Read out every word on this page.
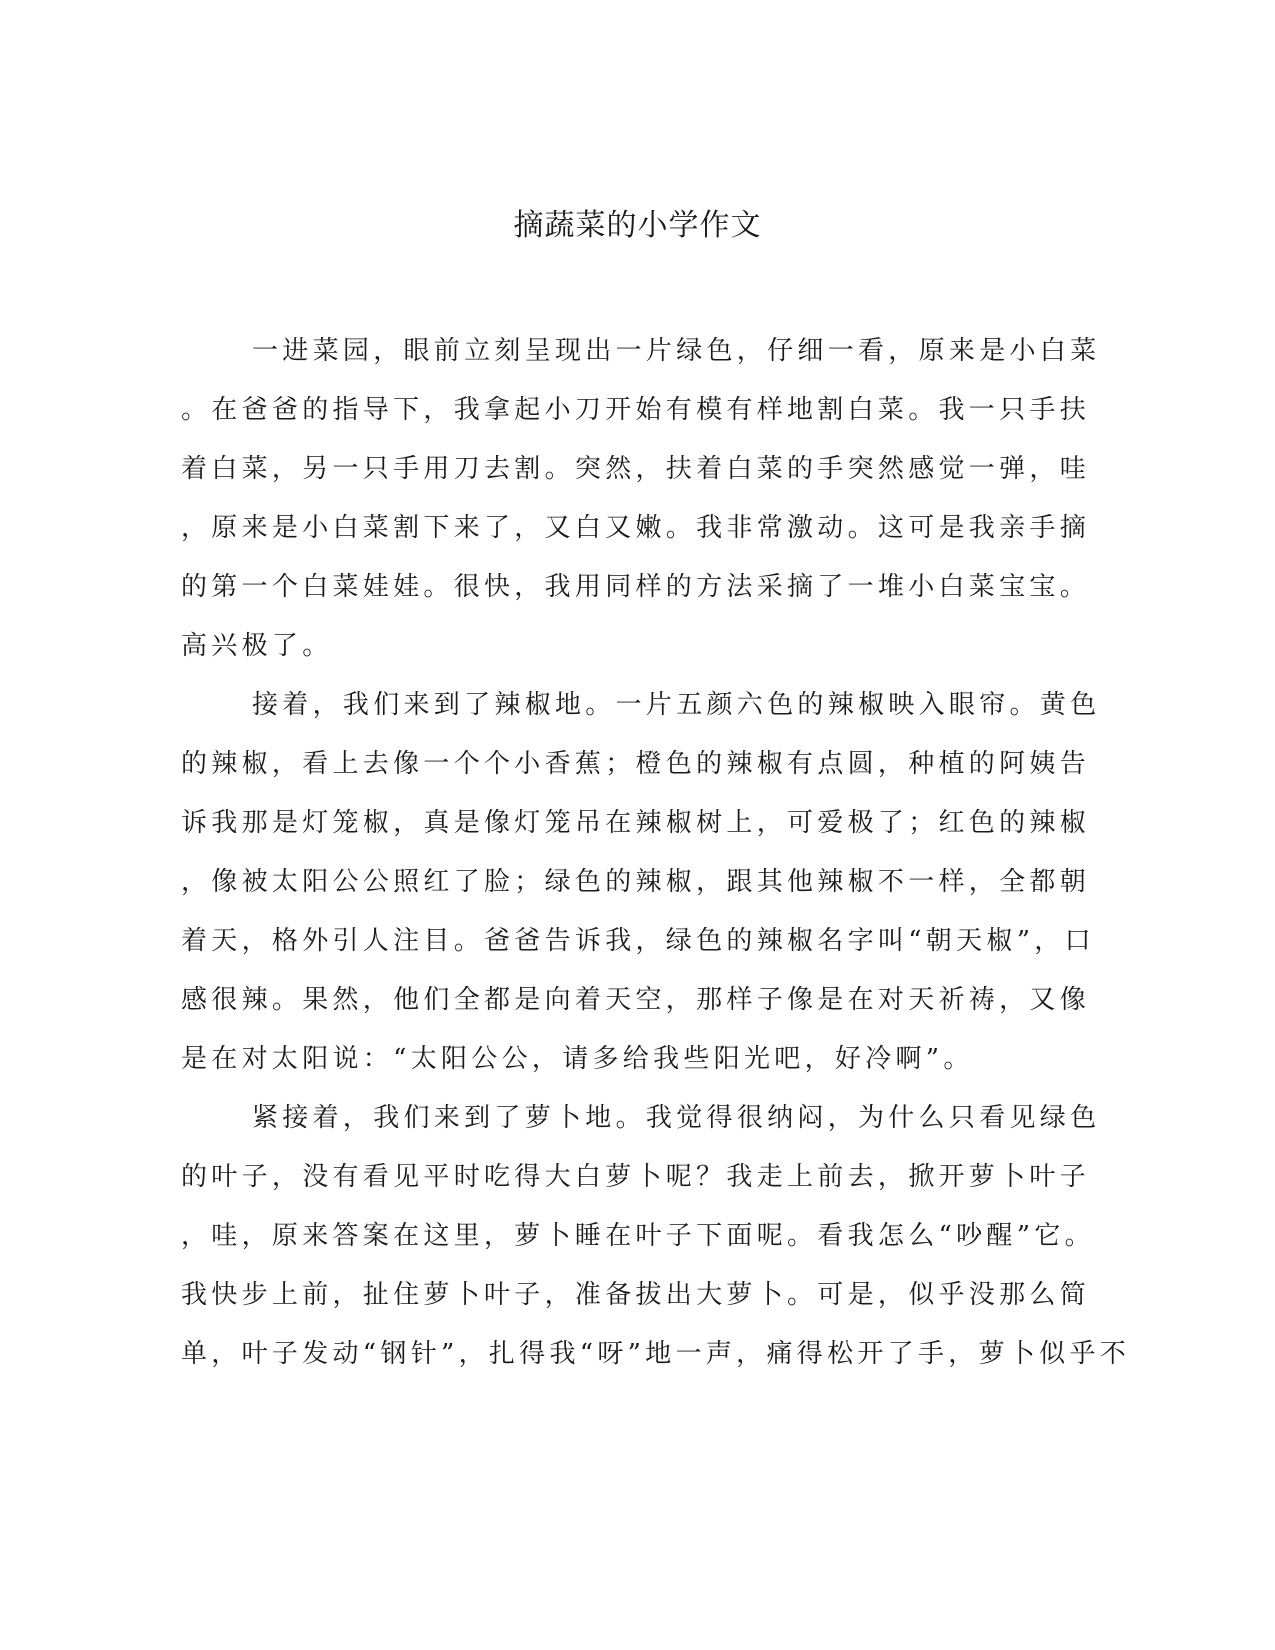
摘蔬菜的小学作文
一进菜园，眼前立刻呈现出一片绿色，仔细一看，原来是小白菜
。在爸爸的指导下，我拿起小刀开始有模有样地割白菜。我一只手扶
着白菜，另一只手用刀去割。突然，扶着白菜的手突然感觉一弹，哇
，原来是小白菜割下来了，又白又嫩。我非常激动。这可是我亲手摘
的第一个白菜娃娃。很快，我用同样的方法采摘了一堆小白菜宝宝。
高兴极了。
接着，我们来到了辣椒地。一片五颜六色的辣椒映入眼帘。黄色
的辣椒，看上去像一个个小香蕉；橙色的辣椒有点圆，种植的阿姨告
诉我那是灯笼椒，真是像灯笼吊在辣椒树上，可爱极了；红色的辣椒
，像被太阳公公照红了脸；绿色的辣椒，跟其他辣椒不一样，全都朝
着天，格外引人注目。爸爸告诉我，绿色的辣椒名字叫“朝天椒”，口
感很辣。果然，他们全都是向着天空，那样子像是在对天祈祷，又像
是在对太阳说：“太阳公公，请多给我些阳光吧，好冷啊”。
紧接着，我们来到了萝卜地。我觉得很纳闷，为什么只看见绿色
的叶子，没有看见平时吃得大白萝卜呢？我走上前去，掀开萝卜叶子
，哇，原来答案在这里，萝卜睡在叶子下面呢。看我怎么“吵醒”它。
我快步上前，扯住萝卜叶子，准备拔出大萝卜。可是，似乎没那么简
单，叶子发动“钢针”，扎得我“呀”地一声，痛得松开了手，萝卜似乎不
